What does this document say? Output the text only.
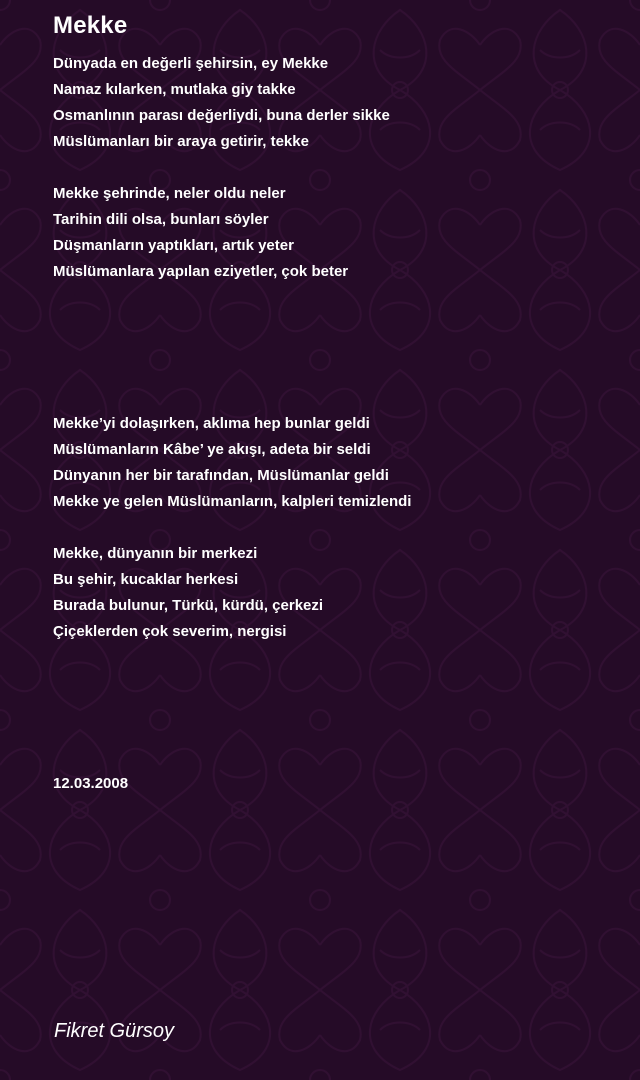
Mekke
Dünyada en değerli şehirsin, ey Mekke
Namaz kılarken, mutlaka giy takke
Osmanlının parası değerliydi, buna derler sikke
Müslümanları bir araya getirir, tekke
Mekke şehrinde, neler oldu neler
Tarihin dili olsa, bunları söyler
Düşmanların yaptıkları, artık yeter
Müslümanlara yapılan eziyetler, çok beter
Mekke’yi dolaşırken, aklıma hep bunlar geldi
Müslümanların Kâbe’ ye akışı, adeta bir seldi
Dünyanın her bir tarafından, Müslümanlar geldi
Mekke ye gelen Müslümanların, kalpleri temizlendi
Mekke, dünyanın bir merkezi
Bu şehir, kucaklar herkesi
Burada bulunur, Türkü, kürdü, çerkezi
Çiçeklerden çok severim, nergisi
12.03.2008
Fikret Gürsoy
